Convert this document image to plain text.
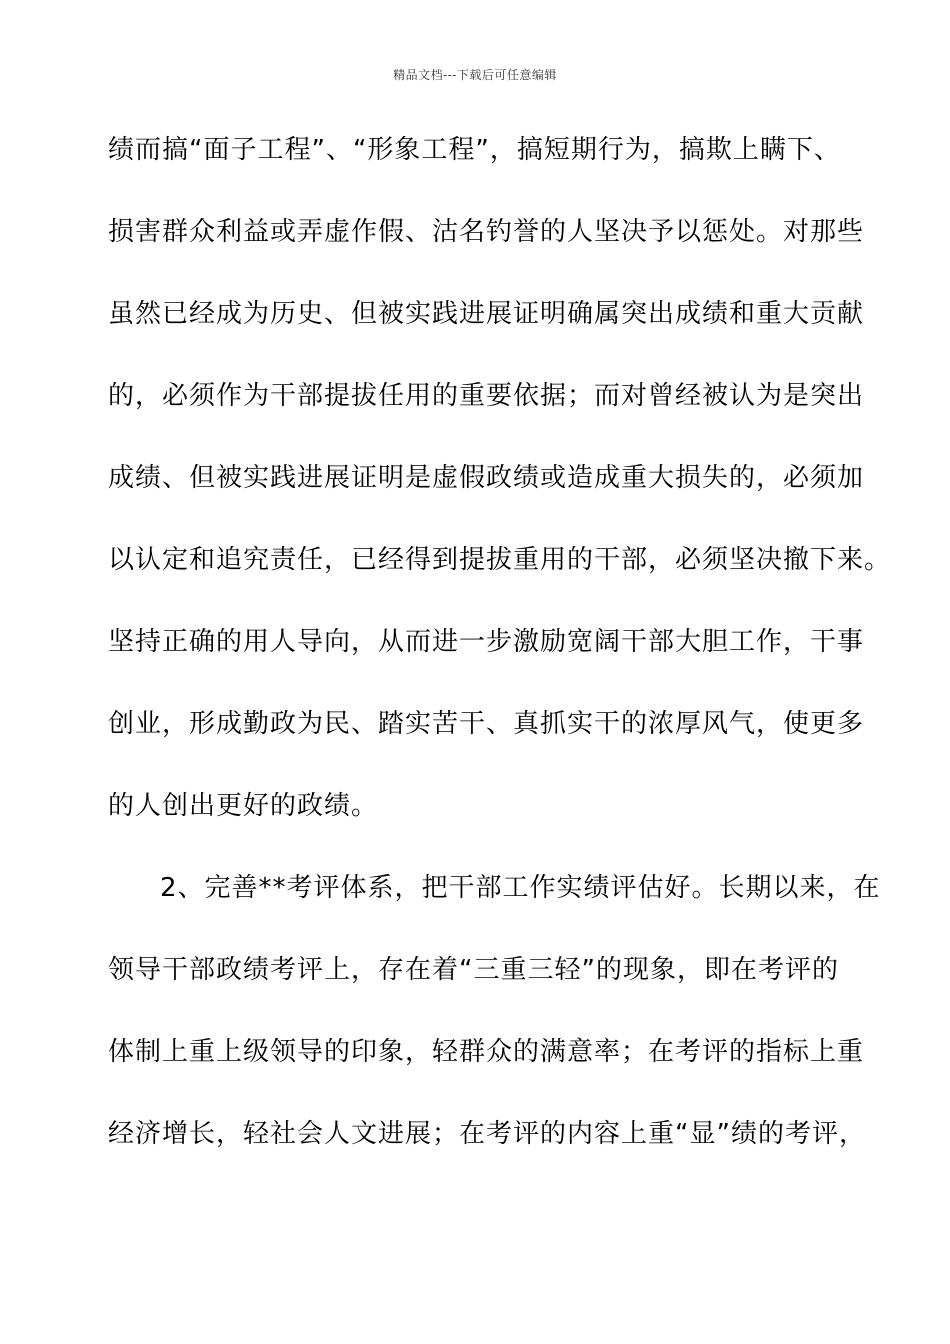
精品文档---下载后可任意编辑
绩而搞“面子工程”、“形象工程”，搞短期行为，搞欺上瞒下、
损害群众利益或弄虚作假、沽名钓誉的人坚决予以惩处。对那些
虽然已经成为历史、但被实践进展证明确属突出成绩和重大贡献
的，必须作为干部提拔任用的重要依据；而对曾经被认为是突出
成绩、但被实践进展证明是虚假政绩或造成重大损失的，必须加
以认定和追究责任，已经得到提拔重用的干部，必须坚决撤下来。
坚持正确的用人导向，从而进一步激励宽阔干部大胆工作，干事
创业，形成勤政为民、踏实苦干、真抓实干的浓厚风气，使更多
的人创出更好的政绩。
2、完善**考评体系，把干部工作实绩评估好。长期以来，在
领导干部政绩考评上，存在着“三重三轻”的现象，即在考评的
体制上重上级领导的印象，轻群众的满意率；在考评的指标上重
经济增长，轻社会人文进展；在考评的内容上重“显”绩的考评，
